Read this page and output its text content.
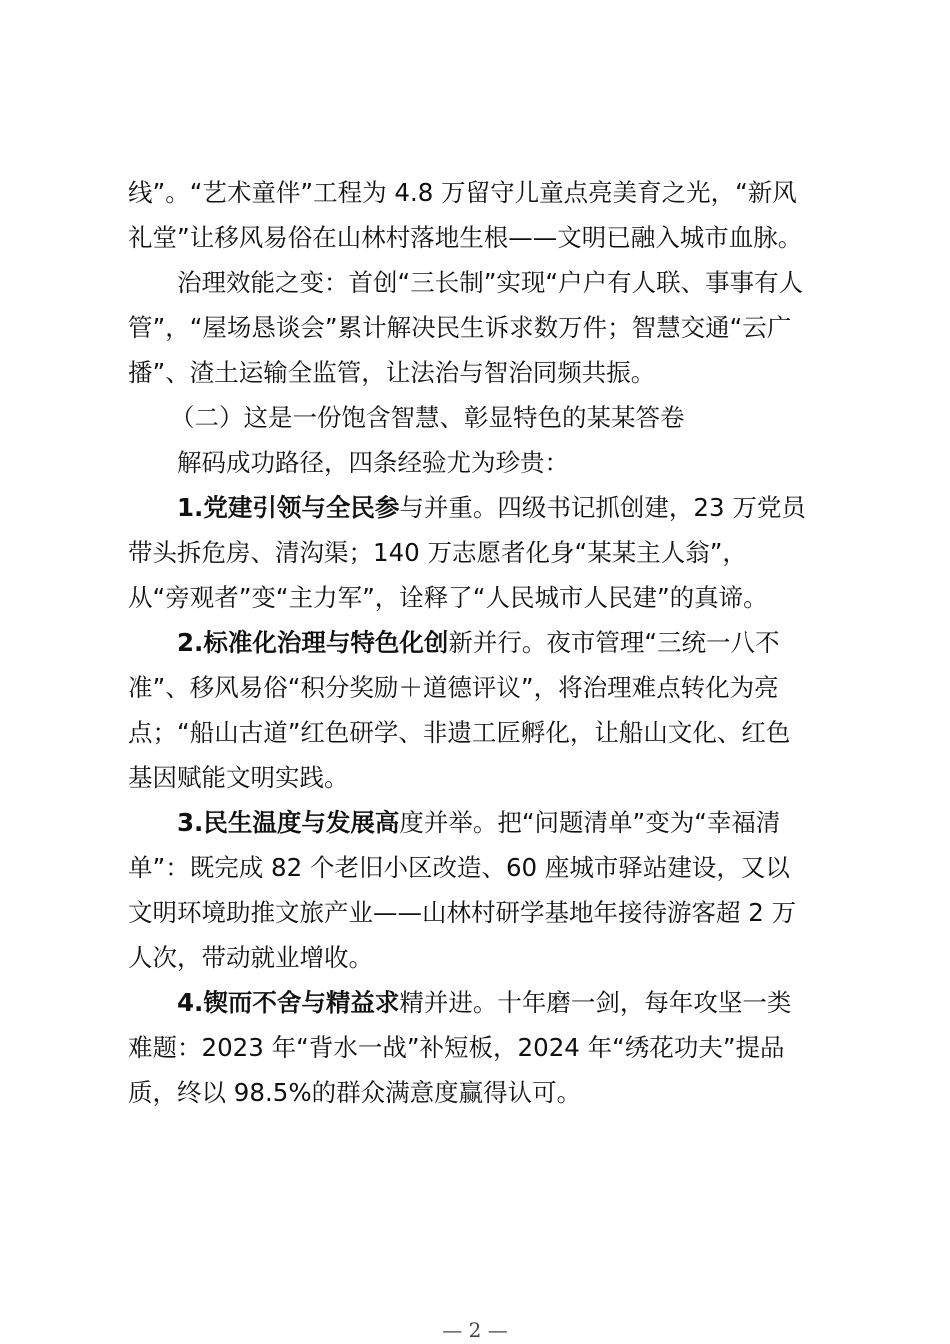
线”。“艺术童伴”工程为 4.8 万留守儿童点亮美育之光，“新风
礼堂”让移风易俗在山林村落地生根——文明已融入城市血脉。
治理效能之变：首创“三长制”实现“户户有人联、事事有人
管”，“屋场恳谈会”累计解决民生诉求数万件；智慧交通“云广
播”、渣土运输全监管，让法治与智治同频共振。
（二）这是一份饱含智慧、彰显特色的某某答卷
解码成功路径，四条经验尤为珍贵：
1.党建引领与全民参与并重。四级书记抓创建，23 万党员
带头拆危房、清沟渠；140 万志愿者化身“某某主人翁”，
从“旁观者”变“主力军”，诠释了“人民城市人民建”的真谛。
2.标准化治理与特色化创新并行。夜市管理“三统一八不
准”、移风易俗“积分奖励＋道德评议”，将治理难点转化为亮
点；“船山古道”红色研学、非遗工匠孵化，让船山文化、红色
基因赋能文明实践。
3.民生温度与发展高度并举。把“问题清单”变为“幸福清
单”：既完成 82 个老旧小区改造、60 座城市驿站建设，又以
文明环境助推文旅产业——山林村研学基地年接待游客超 2 万
人次，带动就业增收。
4.锲而不舍与精益求精并进。十年磨一剑，每年攻坚一类
难题：2023 年“背水一战”补短板，2024 年“绣花功夫”提品
质，终以 98.5%的群众满意度赢得认可。
— 2 —
